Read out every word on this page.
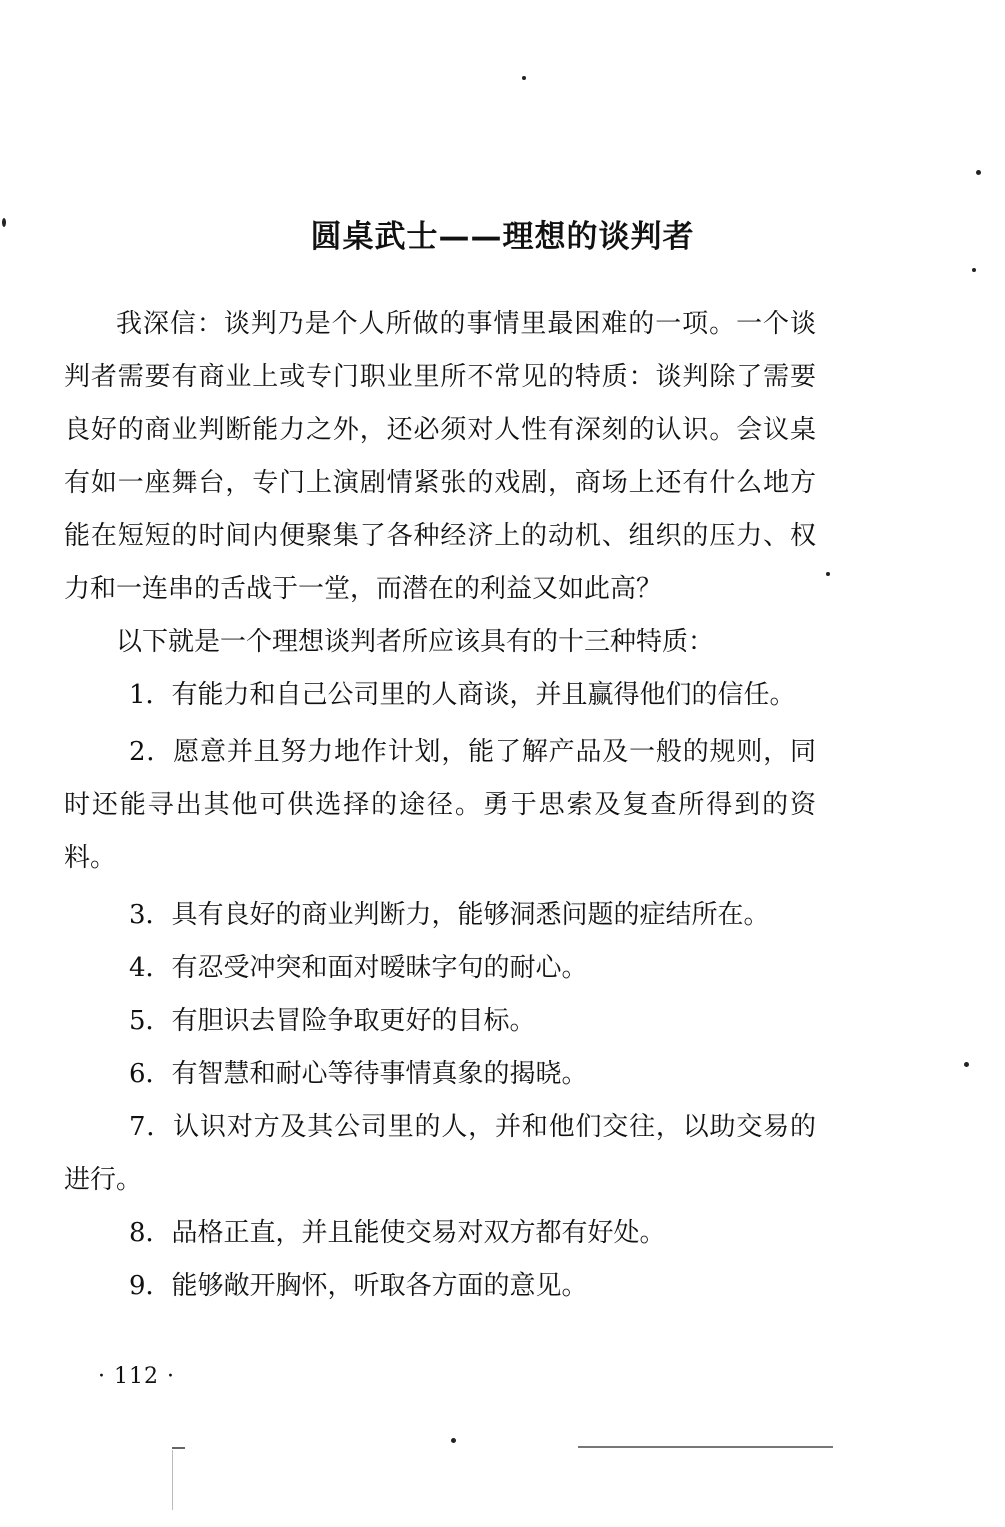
圆桌武士——理想的谈判者

我深信：谈判乃是个人所做的事情里最困难的一项。一个谈判者需要有商业上或专门职业里所不常见的特质：谈判除了需要良好的商业判断能力之外，还必须对人性有深刻的认识。会议桌有如一座舞台，专门上演剧情紧张的戏剧，商场上还有什么地方能在短短的时间内便聚集了各种经济上的动机、组织的压力、权力和一连串的舌战于一堂，而潜在的利益又如此高？

以下就是一个理想谈判者所应该具有的十三种特质：

1．有能力和自己公司里的人商谈，并且赢得他们的信任。

2．愿意并且努力地作计划，能了解产品及一般的规则，同时还能寻出其他可供选择的途径。勇于思索及复查所得到的资料。

3．具有良好的商业判断力，能够洞悉问题的症结所在。

4．有忍受冲突和面对暧昧字句的耐心。

5．有胆识去冒险争取更好的目标。

6．有智慧和耐心等待事情真象的揭晓。

7．认识对方及其公司里的人，并和他们交往，以助交易的进行。

8．品格正直，并且能使交易对双方都有好处。

9．能够敞开胸怀，听取各方面的意见。

· 112 ·
